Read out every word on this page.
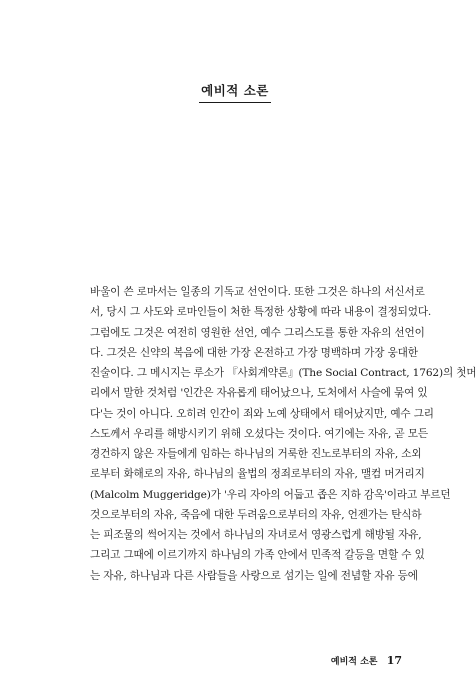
예비적 소론
바울이 쓴 로마서는 일종의 기독교 선언이다. 또한 그것은 하나의 서신서로
서, 당시 그 사도와 로마인들이 처한 특정한 상황에 따라 내용이 결정되었다.
그럼에도 그것은 여전히 영원한 선언, 예수 그리스도를 통한 자유의 선언이
다. 그것은 신약의 복음에 대한 가장 온전하고 가장 명백하며 가장 웅대한
진술이다. 그 메시지는 루소가 『사회계약론』(The Social Contract, 1762)의 첫머
리에서 말한 것처럼 '인간은 자유롭게 태어났으나, 도처에서 사슬에 묶여 있
다'는 것이 아니다. 오히려 인간이 죄와 노예 상태에서 태어났지만, 예수 그리
스도께서 우리를 해방시키기 위해 오셨다는 것이다. 여기에는 자유, 곧 모든
경건하지 않은 자들에게 임하는 하나님의 거룩한 진노로부터의 자유, 소외
로부터 화해로의 자유, 하나님의 율법의 정죄로부터의 자유, 맬컴 머거리지
(Malcolm Muggeridge)가 '우리 자아의 어둡고 좁은 지하 감옥'이라고 부르던
것으로부터의 자유, 죽음에 대한 두려움으로부터의 자유, 언젠가는 탄식하
는 피조물의 썩어지는 것에서 하나님의 자녀로서 영광스럽게 해방될 자유,
그리고 그때에 이르기까지 하나님의 가족 안에서 민족적 갈등을 면할 수 있
는 자유, 하나님과 다른 사람들을 사랑으로 섬기는 일에 전념할 자유 등에
예비적 소론 17
